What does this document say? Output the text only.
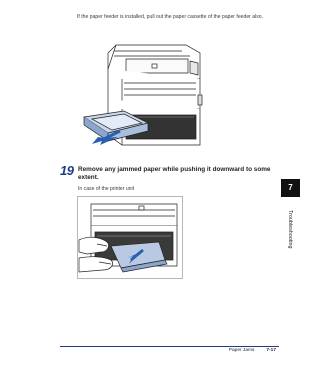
If the paper feeder is installed, pull out the paper cassette of the paper feeder also.
19 Remove any jammed paper while pushing it downward to some extent.
In case of the printer unit	7
Troubleshooting
Paper Jams	7-17
